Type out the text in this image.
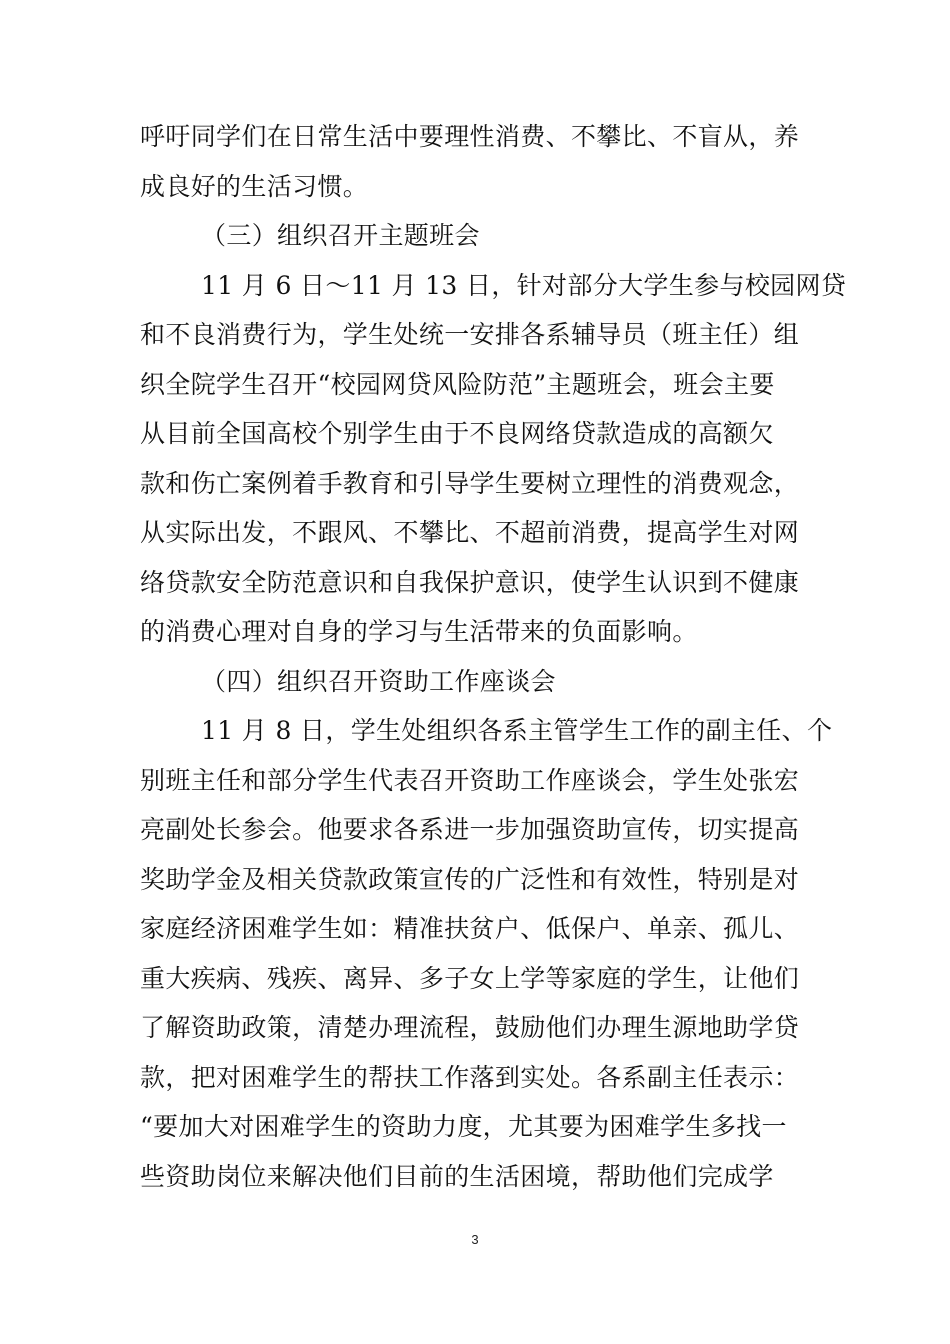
呼吁同学们在日常生活中要理性消费、不攀比、不盲从，养
成良好的生活习惯。
（三）组织召开主题班会
11 月 6 日～11 月 13 日，针对部分大学生参与校园网贷
和不良消费行为，学生处统一安排各系辅导员（班主任）组
织全院学生召开“校园网贷风险防范”主题班会，班会主要
从目前全国高校个别学生由于不良网络贷款造成的高额欠
款和伤亡案例着手教育和引导学生要树立理性的消费观念，
从实际出发，不跟风、不攀比、不超前消费，提高学生对网
络贷款安全防范意识和自我保护意识，使学生认识到不健康
的消费心理对自身的学习与生活带来的负面影响。
（四）组织召开资助工作座谈会
11 月 8 日，学生处组织各系主管学生工作的副主任、个
别班主任和部分学生代表召开资助工作座谈会，学生处张宏
亮副处长参会。他要求各系进一步加强资助宣传，切实提高
奖助学金及相关贷款政策宣传的广泛性和有效性，特别是对
家庭经济困难学生如：精准扶贫户、低保户、单亲、孤儿、
重大疾病、残疾、离异、多子女上学等家庭的学生，让他们
了解资助政策，清楚办理流程，鼓励他们办理生源地助学贷
款，把对困难学生的帮扶工作落到实处。各系副主任表示：
“要加大对困难学生的资助力度，尤其要为困难学生多找一
些资助岗位来解决他们目前的生活困境，帮助他们完成学
3
